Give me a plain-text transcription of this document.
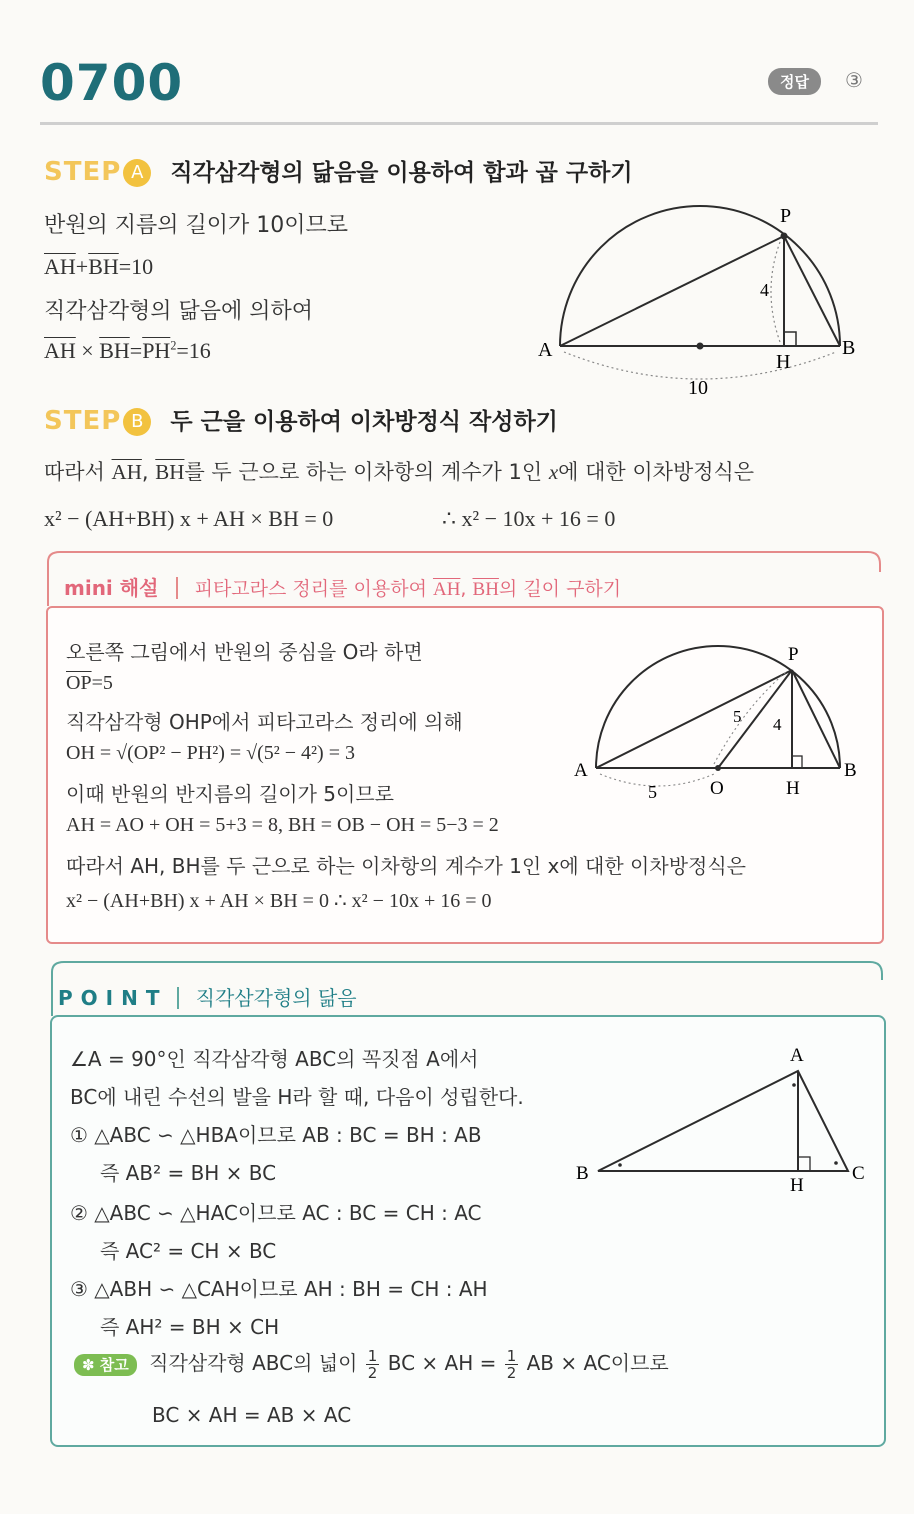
0700	정답	③
STEP A 직각삼각형의 닮음을 이용하여 합과 곱 구하기
반원의 지름의 길이가 10이므로
$\overline{AH}+\overline{BH}=10$
직각삼각형의 닮음에 의하여
$\overline{AH} \times \overline{BH}=\overline{PH}^2=16$	A	B
P
H
4
10
STEP B 두 근을 이용하여 이차방정식 작성하기
따라서 $\overline{AH}$, $\overline{BH}$를 두 근으로 하는 이차항의 계수가 1인 x에 대한 이차방정식은
x² − (AH+BH) x + AH × BH = 0	∴ x² − 10x + 16 = 0
mini 해설 피타고라스 정리를 이용하여 $\overline{AH}$, $\overline{BH}$의 길이 구하기
오른쪽 그림에서 반원의 중심을 O라 하면
$\overline{OP}=5$
직각삼각형 OHP에서 피타고라스 정리에 의해
OH = √(OP² − PH²) = √(5² − 4²) = 3
이때 반원의 반지름의 길이가 5이므로
AH = AO + OH = 5+3 = 8, BH = OB − OH = 5−3 = 2
따라서 AH, BH를 두 근으로 하는 이차항의 계수가 1인 x에 대한 이차방정식은
x² − (AH+BH) x + AH × BH = 0 ∴ x² − 10x + 16 = 0
A	B
P
H
O
5 4
5
POINT 직각삼각형의 닮음
∠A = 90°인 직각삼각형 ABC의 꼭짓점 A에서
BC에 내린 수선의 발을 H라 할 때, 다음이 성립한다.
① △ABC ∽ △HBA이므로 AB : BC = BH : AB
즉 AB² = BH × BC
② △ABC ∽ △HAC이므로 AC : BC = CH : AC
즉 AC² = CH × BC
③ △ABH ∽ △CAH이므로 AH : BH = CH : AH
즉 AH² = BH × CH
✽ 참고 직각삼각형 ABC의 넓이 $\frac{1}{2}$ BC × AH = $\frac{1}{2}$ AB × AC이므로
BC × AH = AB × AC
A
B	C
H
